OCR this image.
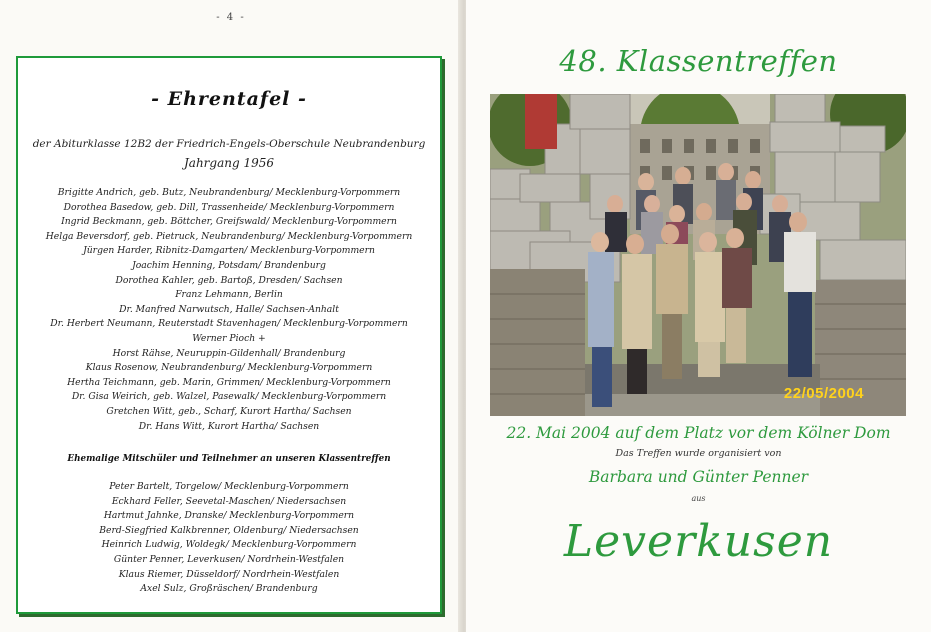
- 4 -
- Ehrentafel -
der Abiturklasse 12B2 der Friedrich-Engels-Oberschule Neubrandenburg
Jahrgang 1956
Brigitte Andrich, geb. Butz, Neubrandenburg/ Mecklenburg-Vorpommern
Dorothea Basedow, geb. Dill, Trassenheide/ Mecklenburg-Vorpommern
Ingrid Beckmann, geb. Böttcher, Greifswald/ Mecklenburg-Vorpommern
Helga Beversdorf, geb. Pietruck, Neubrandenburg/ Mecklenburg-Vorpommern
Jürgen Harder, Ribnitz-Damgarten/ Mecklenburg-Vorpommern
Joachim Henning, Potsdam/ Brandenburg
Dorothea Kahler, geb. Bartoß, Dresden/ Sachsen
Franz Lehmann, Berlin
Dr. Manfred Narwutsch, Halle/ Sachsen-Anhalt
Dr. Herbert Neumann, Reuterstadt Stavenhagen/ Mecklenburg-Vorpommern
Werner Pioch +
Horst Rähse, Neuruppin-Gildenhall/ Brandenburg
Klaus Rosenow, Neubrandenburg/ Mecklenburg-Vorpommern
Hertha Teichmann, geb. Marin, Grimmen/ Mecklenburg-Vorpommern
Dr. Gisa Weirich, geb. Walzel, Pasewalk/ Mecklenburg-Vorpommern
Gretchen Witt, geb., Scharf, Kurort Hartha/ Sachsen
Dr. Hans Witt, Kurort Hartha/ Sachsen
Ehemalige Mitschüler und Teilnehmer an unseren Klassentreffen
Peter Bartelt, Torgelow/ Mecklenburg-Vorpommern
Eckhard Feller, Seevetal-Maschen/ Niedersachsen
Hartmut Jahnke, Dranske/ Mecklenburg-Vorpommern
Berd-Siegfried Kalkbrenner, Oldenburg/ Niedersachsen
Heinrich Ludwig, Woldegk/ Mecklenburg-Vorpommern
Günter Penner, Leverkusen/ Nordrhein-Westfalen
Klaus Riemer, Düsseldorf/ Nordrhein-Westfalen
Axel Sulz, Großräschen/ Brandenburg
48. Klassentreffen
22/05/2004
22. Mai 2004 auf dem Platz vor dem Kölner Dom
Das Treffen wurde organisiert von
Barbara und Günter Penner
aus
Leverkusen
